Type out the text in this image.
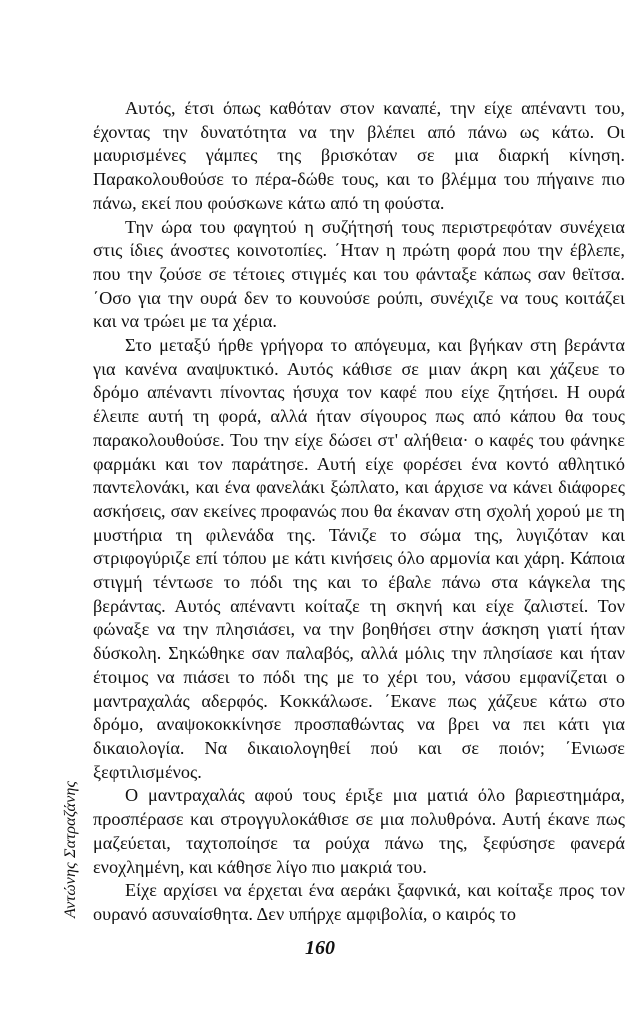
Αυτός, έτσι όπως καθόταν στον καναπέ, την είχε απέναντι του, έχοντας την δυνατότητα να την βλέπει από πάνω ως κάτω. Οι μαυρισμένες γάμπες της βρισκόταν σε μια διαρκή κίνηση. Παρακολουθούσε το πέρα-δώθε τους, και το βλέμμα του πήγαινε πιο πάνω, εκεί που φούσκωνε κάτω από τη φούστα.

Την ώρα του φαγητού η συζήτησή τους περιστρεφόταν συνέχεια στις ίδιες άνοστες κοινοτοπίες. ΄Ηταν η πρώτη φορά που την έβλεπε, που την ζούσε σε τέτοιες στιγμές και του φάνταξε κάπως σαν θεϊτσα. ΄Οσο για την ουρά δεν το κουνούσε ρούπι, συνέχιζε να τους κοιτάζει και να τρώει με τα χέρια.

Στο μεταξύ ήρθε γρήγορα το απόγευμα, και βγήκαν στη βεράντα για κανένα αναψυκτικό. Αυτός κάθισε σε μιαν άκρη και χάζευε το δρόμο απέναντι πίνοντας ήσυχα τον καφέ που είχε ζητήσει. Η ουρά έλειπε αυτή τη φορά, αλλά ήταν σίγουρος πως από κάπου θα τους παρακολουθούσε. Του την είχε δώσει στ' αλήθεια· ο καφές του φάνηκε φαρμάκι και τον παράτησε. Αυτή είχε φορέσει ένα κοντό αθλητικό παντελονάκι, και ένα φανελάκι ξώπλατο, και άρχισε να κάνει διάφορες ασκήσεις, σαν εκείνες προφανώς που θα έκαναν στη σχολή χορού με τη μυστήρια τη φιλενάδα της. Τάνιζε το σώμα της, λυγιζόταν και στριφογύριζε επί τόπου με κάτι κινήσεις όλο αρμονία και χάρη. Κάποια στιγμή τέντωσε το πόδι της και το έβαλε πάνω στα κάγκελα της βεράντας. Αυτός απέναντι κοίταζε τη σκηνή και είχε ζαλιστεί. Τον φώναξε να την πλησιάσει, να την βοηθήσει στην άσκηση γιατί ήταν δύσκολη. Σηκώθηκε σαν παλαβός, αλλά μόλις την πλησίασε και ήταν έτοιμος να πιάσει το πόδι της με το χέρι του, νάσου εμφανίζεται ο μαντραχαλάς αδερφός. Κοκκάλωσε. ΄Εκανε πως χάζευε κάτω στο δρόμο, αναψοκοκκίνησε προσπαθώντας να βρει να πει κάτι για δικαιολογία. Να δικαιολογηθεί πού και σε ποιόν; ΄Ενιωσε ξεφτιλισμένος.

Ο μαντραχαλάς αφού τους έριξε μια ματιά όλο βαριεστημάρα, προσπέρασε και στρογγυλοκάθισε σε μια πολυθρόνα. Αυτή έκανε πως μαζεύεται, ταχτοποίησε τα ρούχα πάνω της, ξεφύσησε φανερά ενοχλημένη, και κάθησε λίγο πιο μακριά του.

Είχε αρχίσει να έρχεται ένα αεράκι ξαφνικά, και κοίταξε προς τον ουρανό ασυναίσθητα. Δεν υπήρχε αμφιβολία, ο καιρός το

Αντώνης Σατραζάνης
160
